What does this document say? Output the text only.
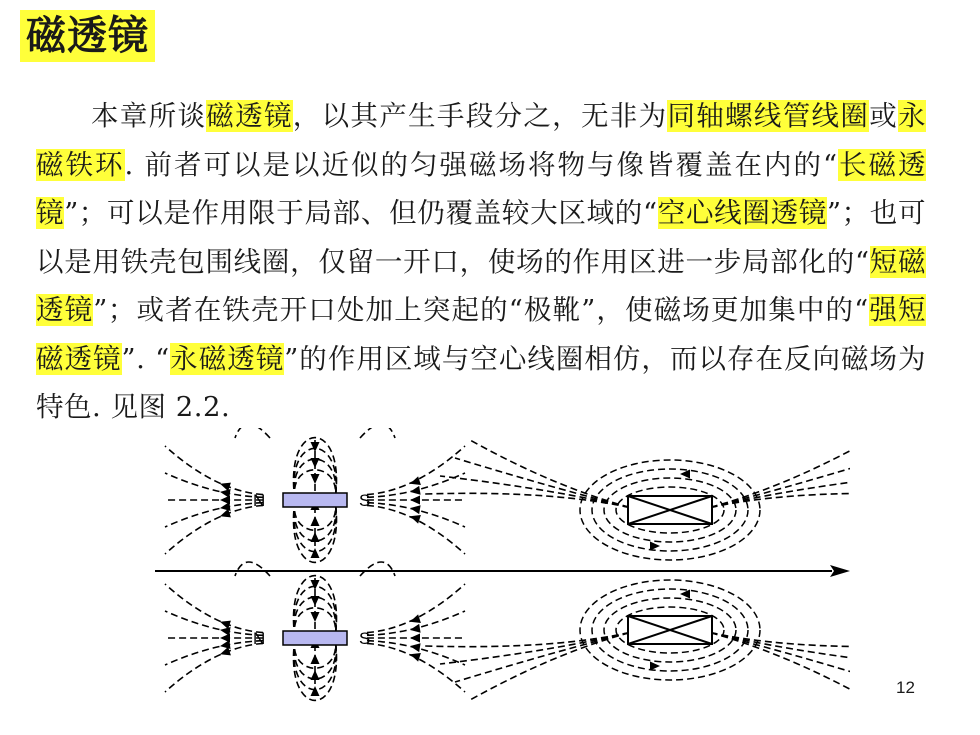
磁透镜

本章所谈磁透镜，以其产生手段分之，无非为同轴螺线管线圈或永磁铁环. 前者可以是以近似的匀强磁场将物与像皆覆盖在内的“长磁透镜”；可以是作用限于局部、但仍覆盖较大区域的“空心线圈透镜”；也可以是用铁壳包围线圈，仅留一开口，使场的作用区进一步局部化的“短磁透镜”；或者在铁壳开口处加上突起的“极靴”，使磁场更加集中的“强短磁透镜”. “永磁透镜”的作用区域与空心线圈相仿，而以存在反向磁场为特色. 见图 2.2.

N	S
N	S
12
